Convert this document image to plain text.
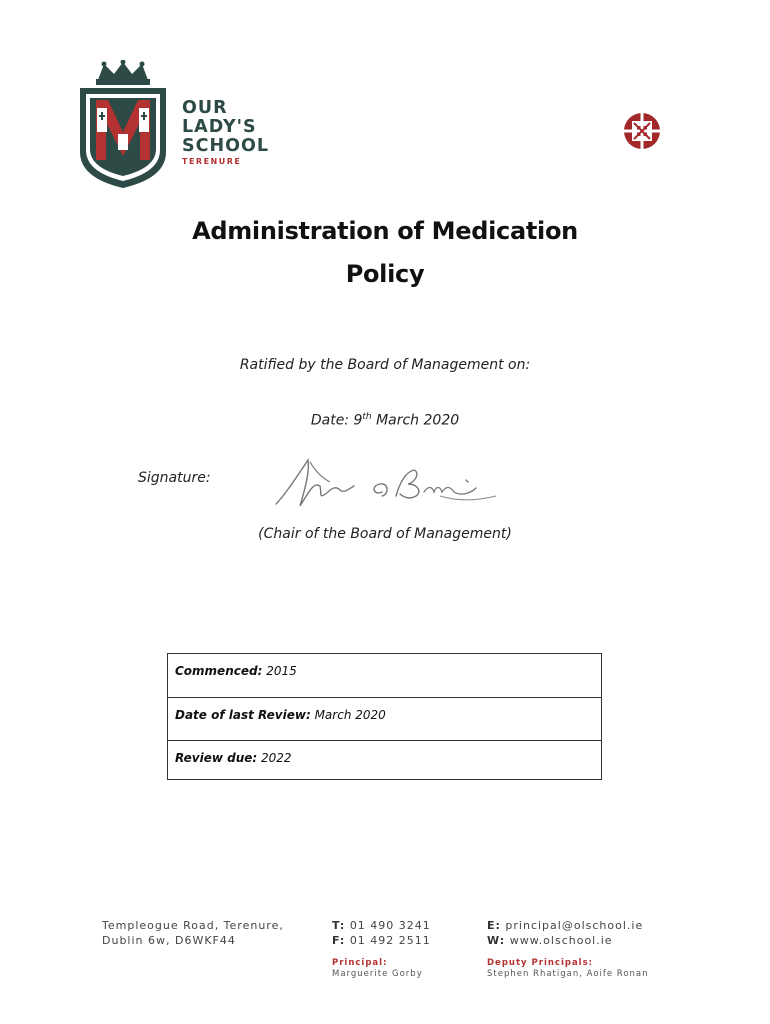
OUR
LADY'S
SCHOOL
TERENURE
Administration of Medication
Policy
Ratified by the Board of Management on:
Date: 9th March 2020
Signature:
(Chair of the Board of Management)
Commenced: 2015
Date of last Review: March 2020
Review due: 2022
Templeogue Road, Terenure,
Dublin 6w, D6WKF44
T: 01 490 3241
F: 01 492 2511
E: principal@olschool.ie
W: www.olschool.ie
Principal:
Marguerite Gorby
Deputy Principals:
Stephen Rhatigan, Aoife Ronan
